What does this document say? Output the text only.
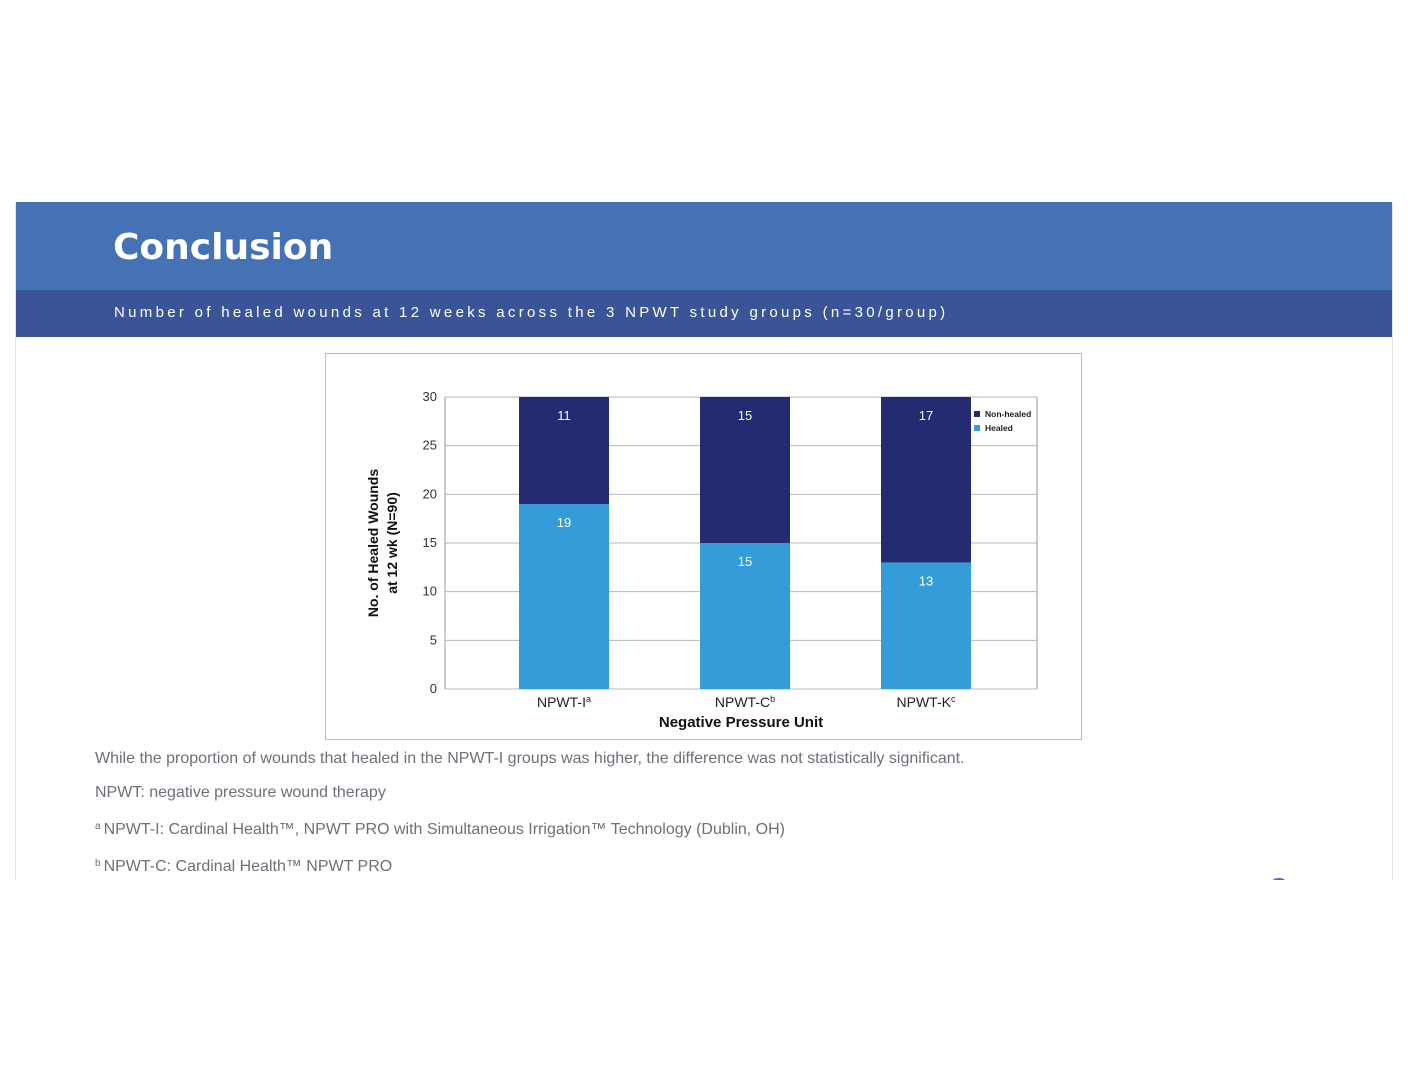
Conclusion
Number of healed wounds at 12 weeks across the 3 NPWT study groups (n=30/group)
0
5
10
15
20
25
30
19
11
NPWT-$I^a$
15
15
NPWT-$C^b$
13
17
NPWT-$K^c$
Non-healed
Healed
Negative Pressure Unit
No. of Healed Wounds at 12 wk (N=90)
While the proportion of wounds that healed in the NPWT-I groups was higher, the difference was not statistically significant.
NPWT: negative pressure wound therapy
$^a$ NPWT-I: Cardinal Health™, NPWT PRO with Simultaneous Irrigation™ Technology (Dublin, OH)
$^b$ NPWT-C: Cardinal Health™ NPWT PRO
